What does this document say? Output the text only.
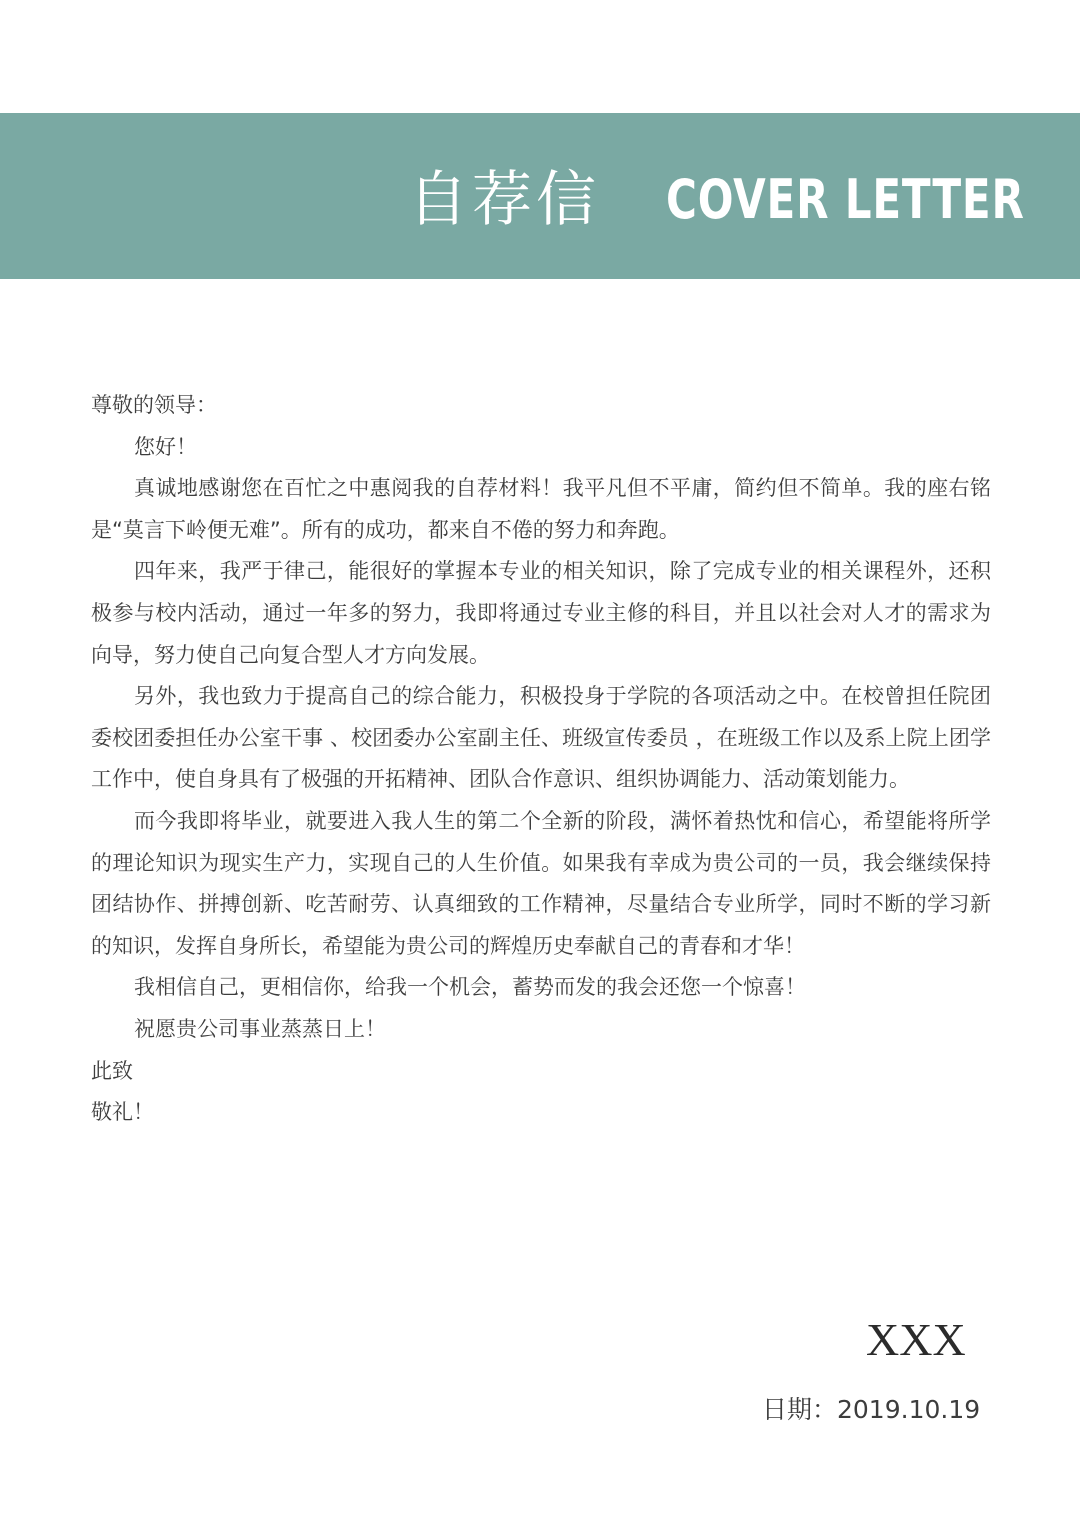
自荐信 COVER LETTER

尊敬的领导：

您好！

真诚地感谢您在百忙之中惠阅我的自荐材料！我平凡但不平庸，简约但不简单。我的座右铭是“莫言下岭便无难”。所有的成功，都来自不倦的努力和奔跑。

四年来，我严于律己，能很好的掌握本专业的相关知识，除了完成专业的相关课程外，还积极参与校内活动，通过一年多的努力，我即将通过专业主修的科目，并且以社会对人才的需求为向导，努力使自己向复合型人才方向发展。

另外，我也致力于提高自己的综合能力，积极投身于学院的各项活动之中。在校曾担任院团委校团委担任办公室干事 、校团委办公室副主任、班级宣传委员 ，在班级工作以及系上院上团学工作中，使自身具有了极强的开拓精神、团队合作意识、组织协调能力、活动策划能力。

而今我即将毕业，就要进入我人生的第二个全新的阶段，满怀着热忱和信心，希望能将所学的理论知识为现实生产力，实现自己的人生价值。如果我有幸成为贵公司的一员，我会继续保持团结协作、拼搏创新、吃苦耐劳、认真细致的工作精神，尽量结合专业所学，同时不断的学习新的知识，发挥自身所长，希望能为贵公司的辉煌历史奉献自己的青春和才华！

我相信自己，更相信你，给我一个机会，蓄势而发的我会还您一个惊喜！

祝愿贵公司事业蒸蒸日上！

此致

敬礼！

XXX
日期：2019.10.19
